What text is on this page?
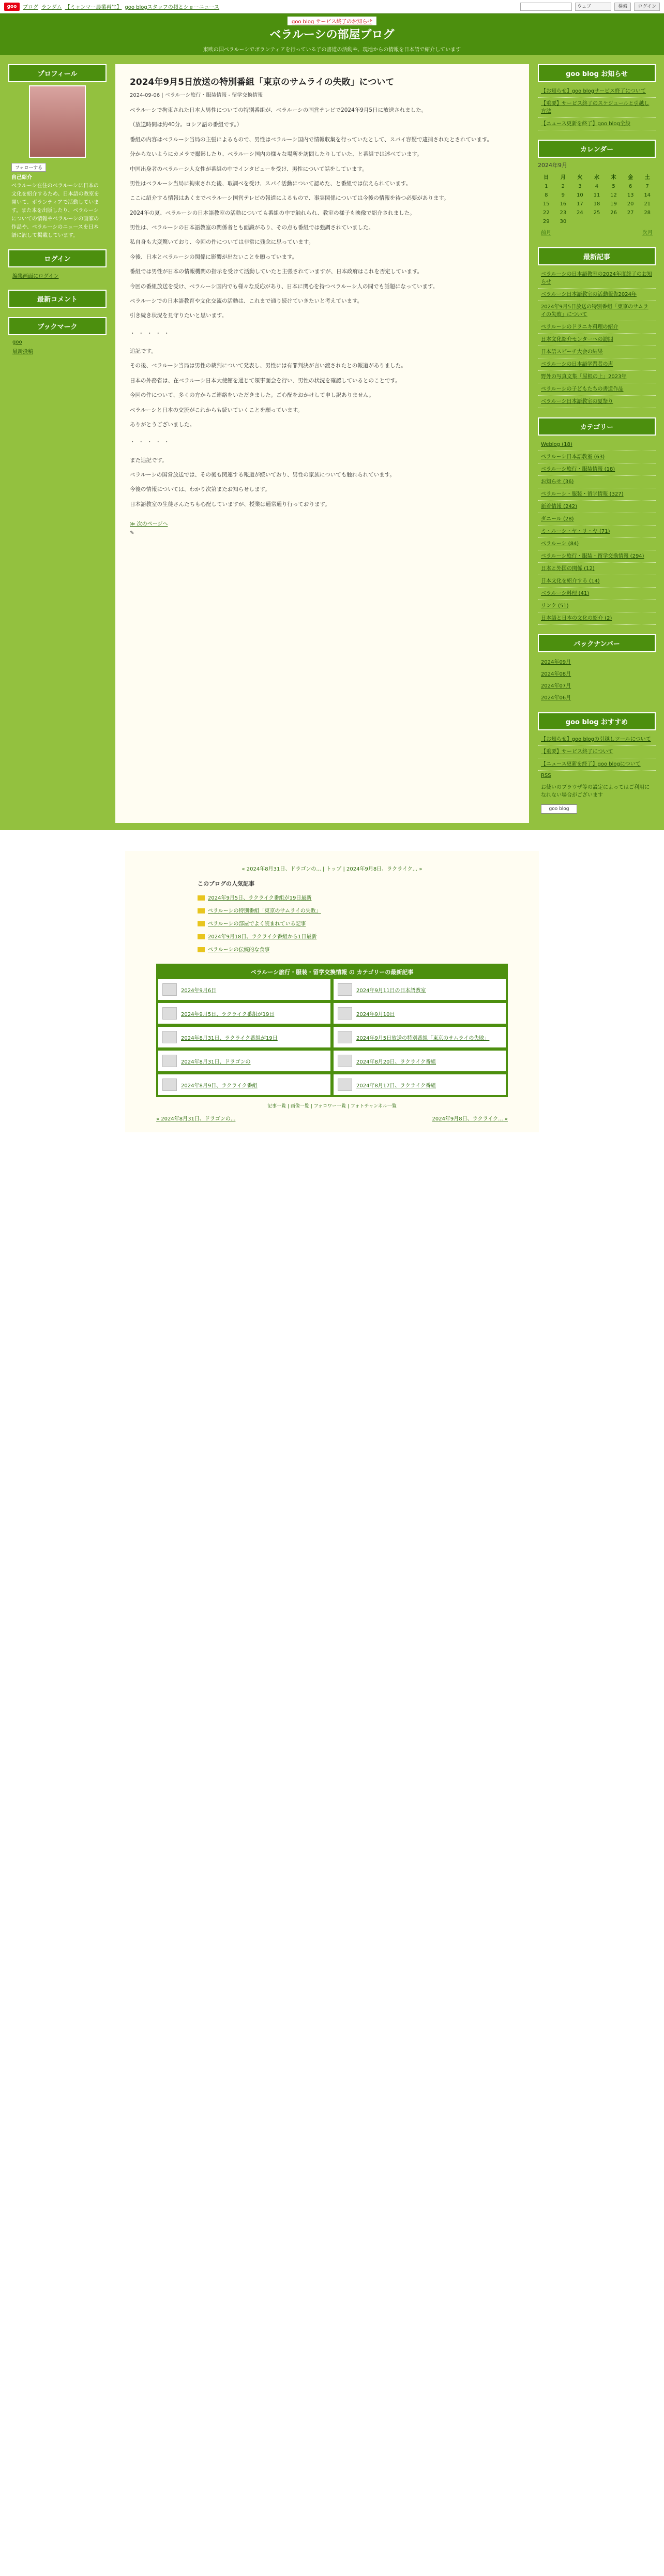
goo	ブログ ランダム 【ミャンマー農業再生】 goo blogスタッフの頻とショーニュース	ウェブ	検索	ログイン
goo blog サービス終了のお知らせ
ベラルーシの部屋ブログ
東欧の国ベラルーシでボランティアを行っている子の書道の活動や、現地からの情報を日本語で紹介しています
プロフィール
フォローする
自己紹介
ベラルーシ在住のベラルーシに日本の文化を紹介するため、日本語の教室を開いて、ボランティアで活動しています。また本を出版したり、ベラルーシについての情報やベラルーシの画家の作品や、ベラルーシのニュースを日本語に訳して掲載しています。
ログイン
編集画面にログイン
最新コメント
ブックマーク
goo
最新投稿
2024年9月5日放送の特別番組「東京のサムライの失敗」について
2024-09-06 | ベラルーシ旅行・服装情報 - 留学交換情報

ベラルーシで拘束された日本人男性についての特別番組が、ベラルーシの国営テレビで2024年9月5日に放送されました。

（放送時間は約40分。ロシア語の番組です。）

番組の内容はベラルーシ当局の主張によるもので、男性はベラルーシ国内で情報収集を行っていたとして、スパイ容疑で逮捕されたとされています。

分からないようにカメラで撮影したり、ベラルーシ国内の様々な場所を訪問したりしていた、と番組では述べています。

中国出身者のベラルーシ人女性が番組の中でインタビューを受け、男性について話をしています。

男性はベラルーシ当局に拘束された後、取調べを受け、スパイ活動について認めた、と番組では伝えられています。

ここに紹介する情報はあくまでベラルーシ国営テレビの報道によるもので、事実関係については今後の情報を待つ必要があります。

2024年の夏、ベラルーシの日本語教室の活動についても番組の中で触れられ、教室の様子も映像で紹介されました。

男性は、ベラルーシの日本語教室の関係者とも面識があり、その点も番組では強調されていました。

私自身も大変驚いており、今回の件については非常に残念に思っています。

今後、日本とベラルーシの関係に影響が出ないことを願っています。

番組では男性が日本の情報機関の指示を受けて活動していたと主張されていますが、日本政府はこれを否定しています。

今回の番組放送を受け、ベラルーシ国内でも様々な反応があり、日本に関心を持つベラルーシ人の間でも話題になっています。

ベラルーシでの日本語教育や文化交流の活動は、これまで通り続けていきたいと考えています。

引き続き状況を見守りたいと思います。

・・・・・

追記です。

その後、ベラルーシ当局は男性の裁判について発表し、男性には有罪判決が言い渡されたとの報道がありました。

日本の外務省は、在ベラルーシ日本大使館を通じて領事面会を行い、男性の状況を確認しているとのことです。

今回の件について、多くの方からご連絡をいただきました。ご心配をおかけして申し訳ありません。

ベラルーシと日本の交流がこれからも続いていくことを願っています。

ありがとうございました。

・・・・・

また追記です。

ベラルーシの国営放送では、その後も関連する報道が続いており、男性の家族についても触れられています。

今後の情報については、わかり次第またお知らせします。

日本語教室の生徒さんたちも心配していますが、授業は通常通り行っております。

≫ 次のページへ
✎
goo blog お知らせ
【お知らせ】goo blogサービス終了について
【重要】サービス終了のスケジュールと引越し方法
【ニュース更新を終了】goo blog全般
カレンダー
2024年9月
日	月	火	水	木	金	土
1	2	3	4	5	6	7
8	9	10	11	12	13	14
15	16	17	18	19	20	21
22	23	24	25	26	27	28
29	30					
前月	次月
最新記事
ベラルーシの日本語教室の2024年度終了のお知らせ
ベラルーシ日本語教室の活動報告2024年
2024年9月5日放送の特別番組「東京のサムライの失敗」について
ベラルーシのドラニキ料理の紹介
日本文化紹介センターへの訪問
日本語スピーチ大会の結果
ベラルーシの日本語学習者の声
野外の写真文集「屋根の上」2023年
ベラルーシの子どもたちの書道作品
ベラルーシ日本語教室の夏祭り
カテゴリー
Weblog (18)
ベラルーシ日本語教室 (63)
ベラルーシ旅行・服装情報 (18)
お知らせ (36)
ベラルーシ・服装・留学情報 (327)
新着情報 (242)
ダニール (28)
ミ・ルーシ・ヤ・リ・ヤ (71)
ベラルーシ (84)
ベラルーシ旅行・服装・留学交換情報 (294)
日本と外国の関係 (12)
日本文化を紹介する (14)
ベラルーシ料理 (41)
リンク (51)
日本語と日本の文化の紹介 (2)
バックナンバー
2024年09月
2024年08月
2024年07月
2024年06月
goo blog おすすめ
【お知らせ】goo blogの引越しツールについて
【重要】サービス終了について
【ニュース更新を終了】goo blogについて
RSS
お使いのブラウザ等の設定によってはご利用になれない場合がございます
goo blog
« 2024年8月31日、ドラゴンの... | トップ | 2024年9月8日、ラクライク... »
このブログの人気記事
2024年9月5日、ラクライク番組が19日最新
ベラルーシの特別番組「東京のサムライの失敗」
ベラルーシの部屋でよく読まれている記事
2024年9月18日、ラクライク番組から1日最新
ベラルーシの伝統的な食事
ベラルーシ旅行・服装・留学交換情報 の カテゴリーの最新記事
2024年9月6日	2024年9月11日の日本語教室
2024年9月5日、ラクライク番組が19日	2024年9月10日
2024年8月31日、ラクライク番組が19日	2024年9月5日放送の特別番組「東京のサムライの失敗」
2024年8月31日、ドラゴンの	2024年8月20日、ラクライク番組
2024年8月9日、ラクライク番組	2024年8月17日、ラクライク番組
記事一覧 | 画像一覧 | フォロワー一覧 | フォトチャンネル一覧
« 2024年8月31日、ドラゴンの...	2024年9月8日、ラクライク... »
